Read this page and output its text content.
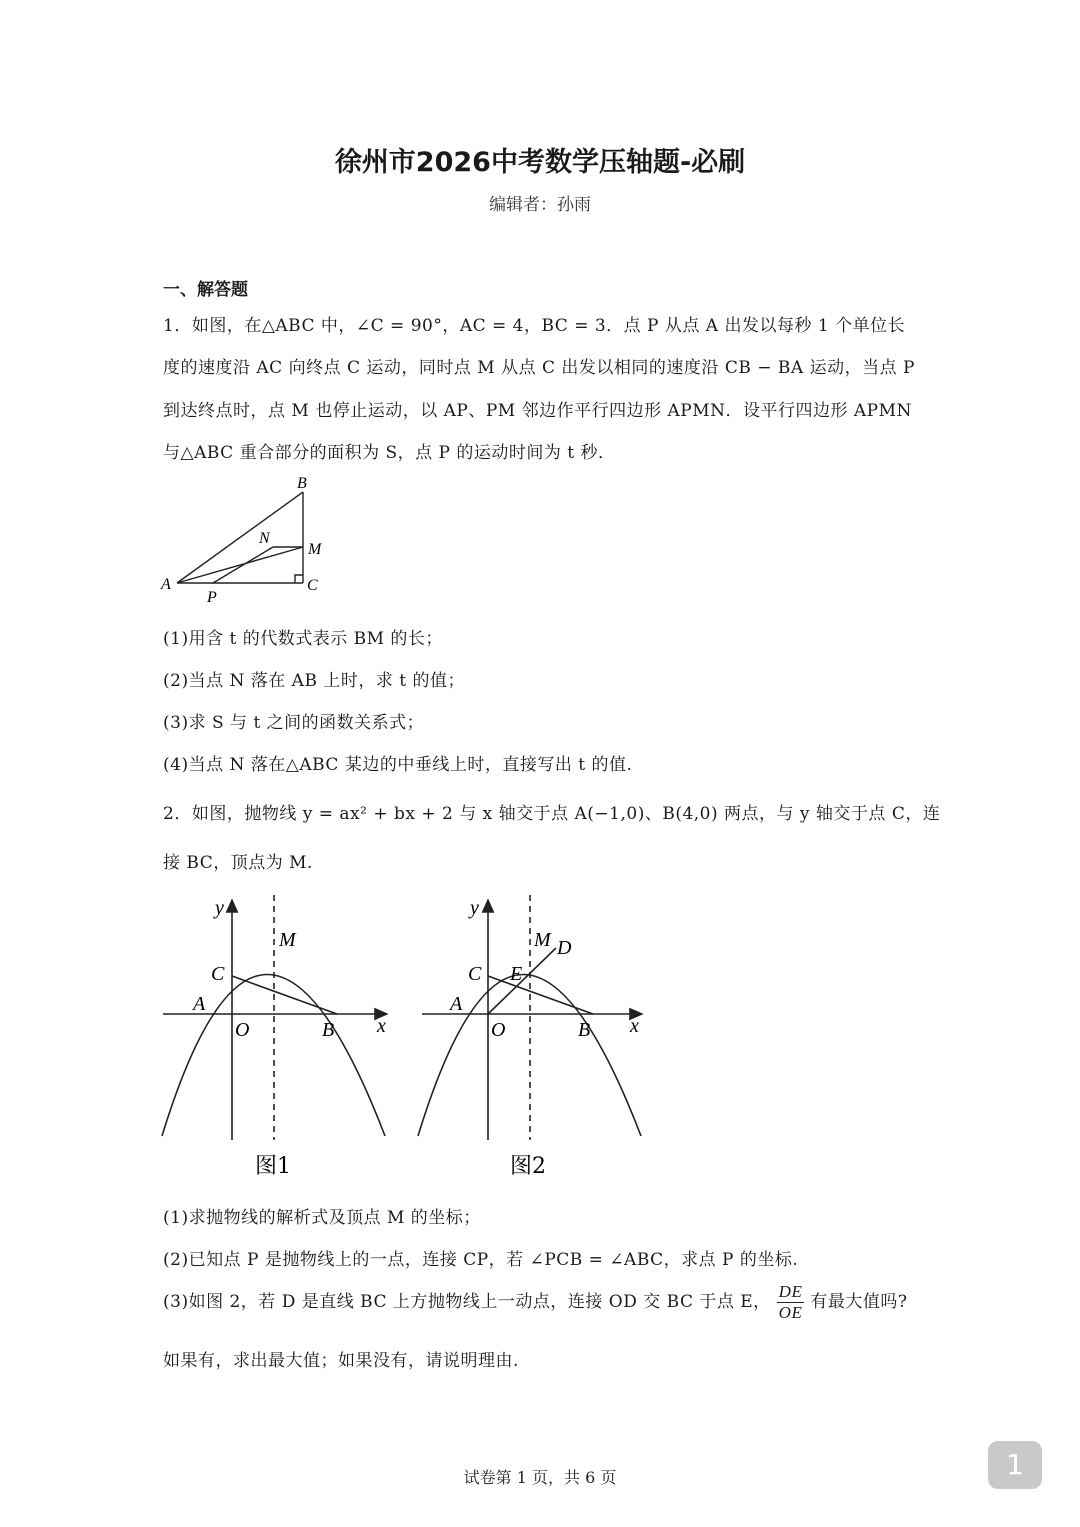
徐州市2026中考数学压轴题-必刷
编辑者：孙雨
一、解答题
1．如图，在△ABC 中，∠C = 90°，AC = 4，BC = 3．点 P 从点 A 出发以每秒 1 个单位长
度的速度沿 AC 向终点 C 运动，同时点 M 从点 C 出发以相同的速度沿 CB − BA 运动，当点 P
到达终点时，点 M 也停止运动，以 AP、PM 邻边作平行四边形 APMN．设平行四边形 APMN
与△ABC 重合部分的面积为 S，点 P 的运动时间为 t 秒．
A
B
C
M
N
P
(1)用含 t 的代数式表示 BM 的长；
(2)当点 N 落在 AB 上时，求 t 的值；
(3)求 S 与 t 之间的函数关系式；
(4)当点 N 落在△ABC 某边的中垂线上时，直接写出 t 的值.
2．如图，抛物线 y = ax² + bx + 2 与 x 轴交于点 A(−1,0)、B(4,0) 两点，与 y 轴交于点 C，连
接 BC，顶点为 M.
y
x
O
A
B
C
M
图1
y
x
O
A
B
C E
M D
图2
(1)求抛物线的解析式及顶点 M 的坐标；
(2)已知点 P 是抛物线上的一点，连接 CP，若 ∠PCB = ∠ABC，求点 P 的坐标.
(3)如图 2，若 D 是直线 BC 上方抛物线上一动点，连接 OD 交 BC 于点 E， $\frac{DE}{OE}$ 有最大值吗?
如果有，求出最大值；如果没有，请说明理由.
试卷第 1 页，共 6 页	1
